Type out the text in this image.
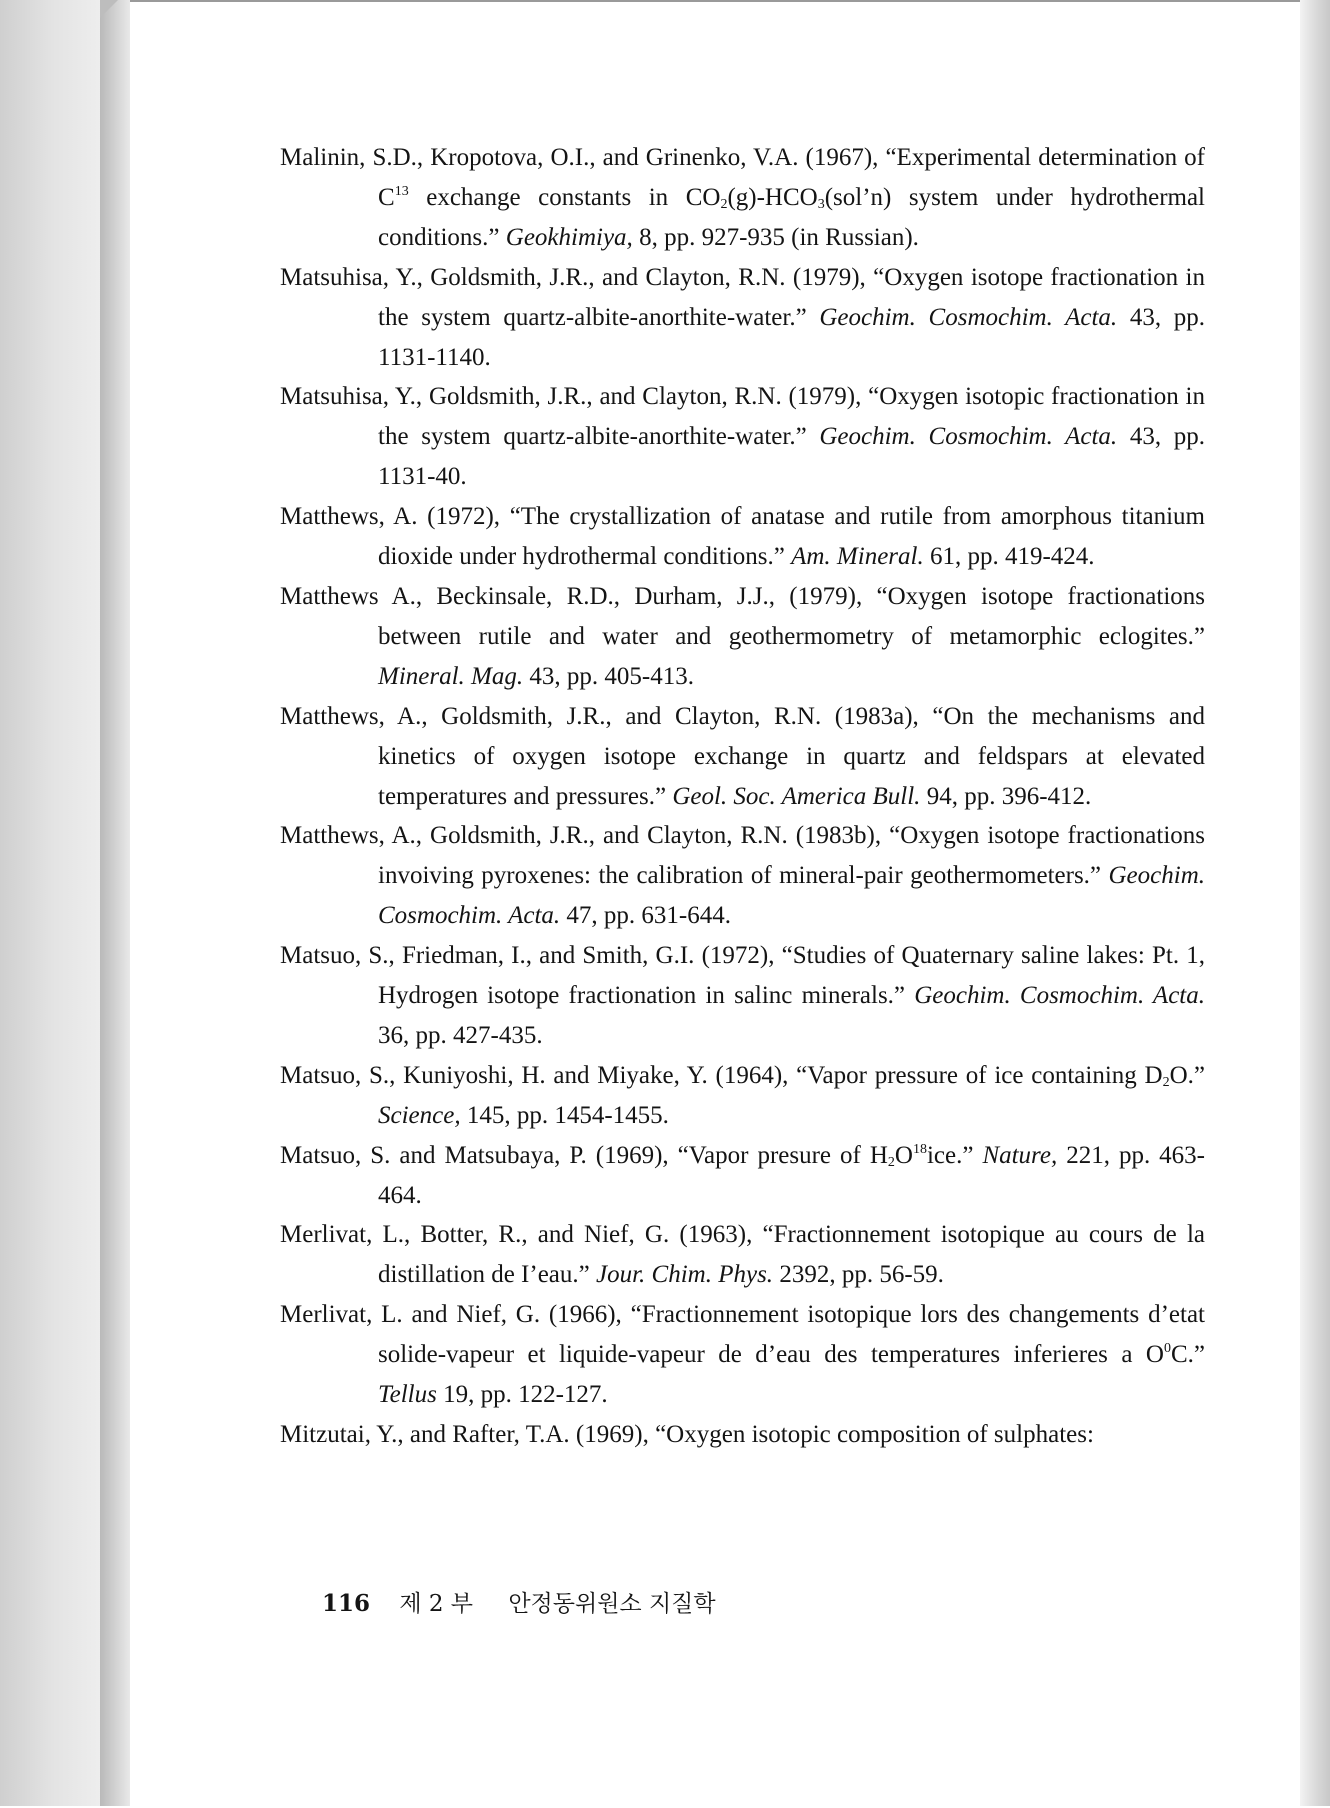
Malinin, S.D., Kropotova, O.I., and Grinenko, V.A. (1967), “Experimental determination of $C^{13}$ exchange constants in $CO_2(g)-HCO_3(sol’n)$ system under hydrothermal conditions.” Geokhimiya, 8, pp. 927-935 (in Russian).

Matsuhisa, Y., Goldsmith, J.R., and Clayton, R.N. (1979), “Oxygen isotope fractionation in the system quartz-albite-anorthite-water.” Geochim. Cosmochim. Acta. 43, pp. 1131-1140.

Matsuhisa, Y., Goldsmith, J.R., and Clayton, R.N. (1979), “Oxygen isotopic fractionation in the system quartz-albite-anorthite-water.” Geochim. Cosmochim. Acta. 43, pp. 1131-40.

Matthews, A. (1972), “The crystallization of anatase and rutile from amorphous titanium dioxide under hydrothermal conditions.” Am. Mineral. 61, pp. 419-424.

Matthews A., Beckinsale, R.D., Durham, J.J., (1979), “Oxygen isotope fractionations between rutile and water and geothermometry of metamorphic eclogites.” Mineral. Mag. 43, pp. 405-413.

Matthews, A., Goldsmith, J.R., and Clayton, R.N. (1983a), “On the mechanisms and kinetics of oxygen isotope exchange in quartz and feldspars at elevated temperatures and pressures.” Geol. Soc. America Bull. 94, pp. 396-412.

Matthews, A., Goldsmith, J.R., and Clayton, R.N. (1983b), “Oxygen isotope fractionations invoiving pyroxenes: the calibration of mineral-pair geothermometers.” Geochim. Cosmochim. Acta. 47, pp. 631-644.

Matsuo, S., Friedman, I., and Smith, G.I. (1972), “Studies of Quaternary saline lakes: Pt. 1, Hydrogen isotope fractionation in salinc minerals.” Geochim. Cosmochim. Acta. 36, pp. 427-435.

Matsuo, S., Kuniyoshi, H. and Miyake, Y. (1964), “Vapor pressure of ice containing $D_2O$.” Science, 145, pp. 1454-1455.

Matsuo, S. and Matsubaya, P. (1969), “Vapor presure of $H_2O^{18}ice$.” Nature, 221, pp. 463-464.

Merlivat, L., Botter, R., and Nief, G. (1963), “Fractionnement isotopique au cours de la distillation de I’eau.” Jour. Chim. Phys. 2392, pp. 56-59.

Merlivat, L. and Nief, G. (1966), “Fractionnement isotopique lors des changements d’etat solide-vapeur et liquide-vapeur de d’eau des temperatures inferieres a $O^0C$.” Tellus 19, pp. 122-127.

Mitzutai, Y., and Rafter, T.A. (1969), “Oxygen isotopic composition of sulphates:

116 제 2 부 안정동위원소 지질학
